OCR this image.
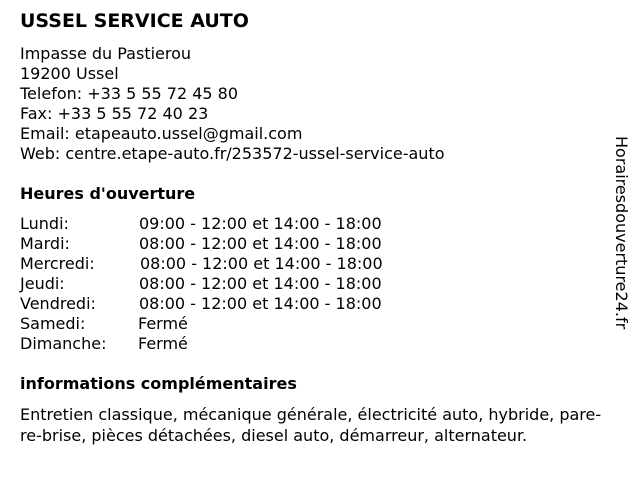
USSEL SERVICE AUTO
Impasse du Pastierou
19200 Ussel
Telefon: +33 5 55 72 45 80
Fax: +33 5 55 72 40 23
Email: etapeauto.ussel@gmail.com
Web: centre.etape-auto.fr/253572-ussel-service-auto
Heures d'ouverture
Lundi:	09:00 - 12:00 et 14:00 - 18:00
Mardi:	08:00 - 12:00 et 14:00 - 18:00
Mercredi:	08:00 - 12:00 et 14:00 - 18:00
Jeudi:	08:00 - 12:00 et 14:00 - 18:00
Vendredi:	08:00 - 12:00 et 14:00 - 18:00
Samedi:	Fermé
Dimanche: Fermé
informations complémentaires
Entretien classique, mécanique générale, électricité auto, hybride, pare-
re-brise, pièces détachées, diesel auto, démarreur, alternateur.
Horairesdouverture24.fr
